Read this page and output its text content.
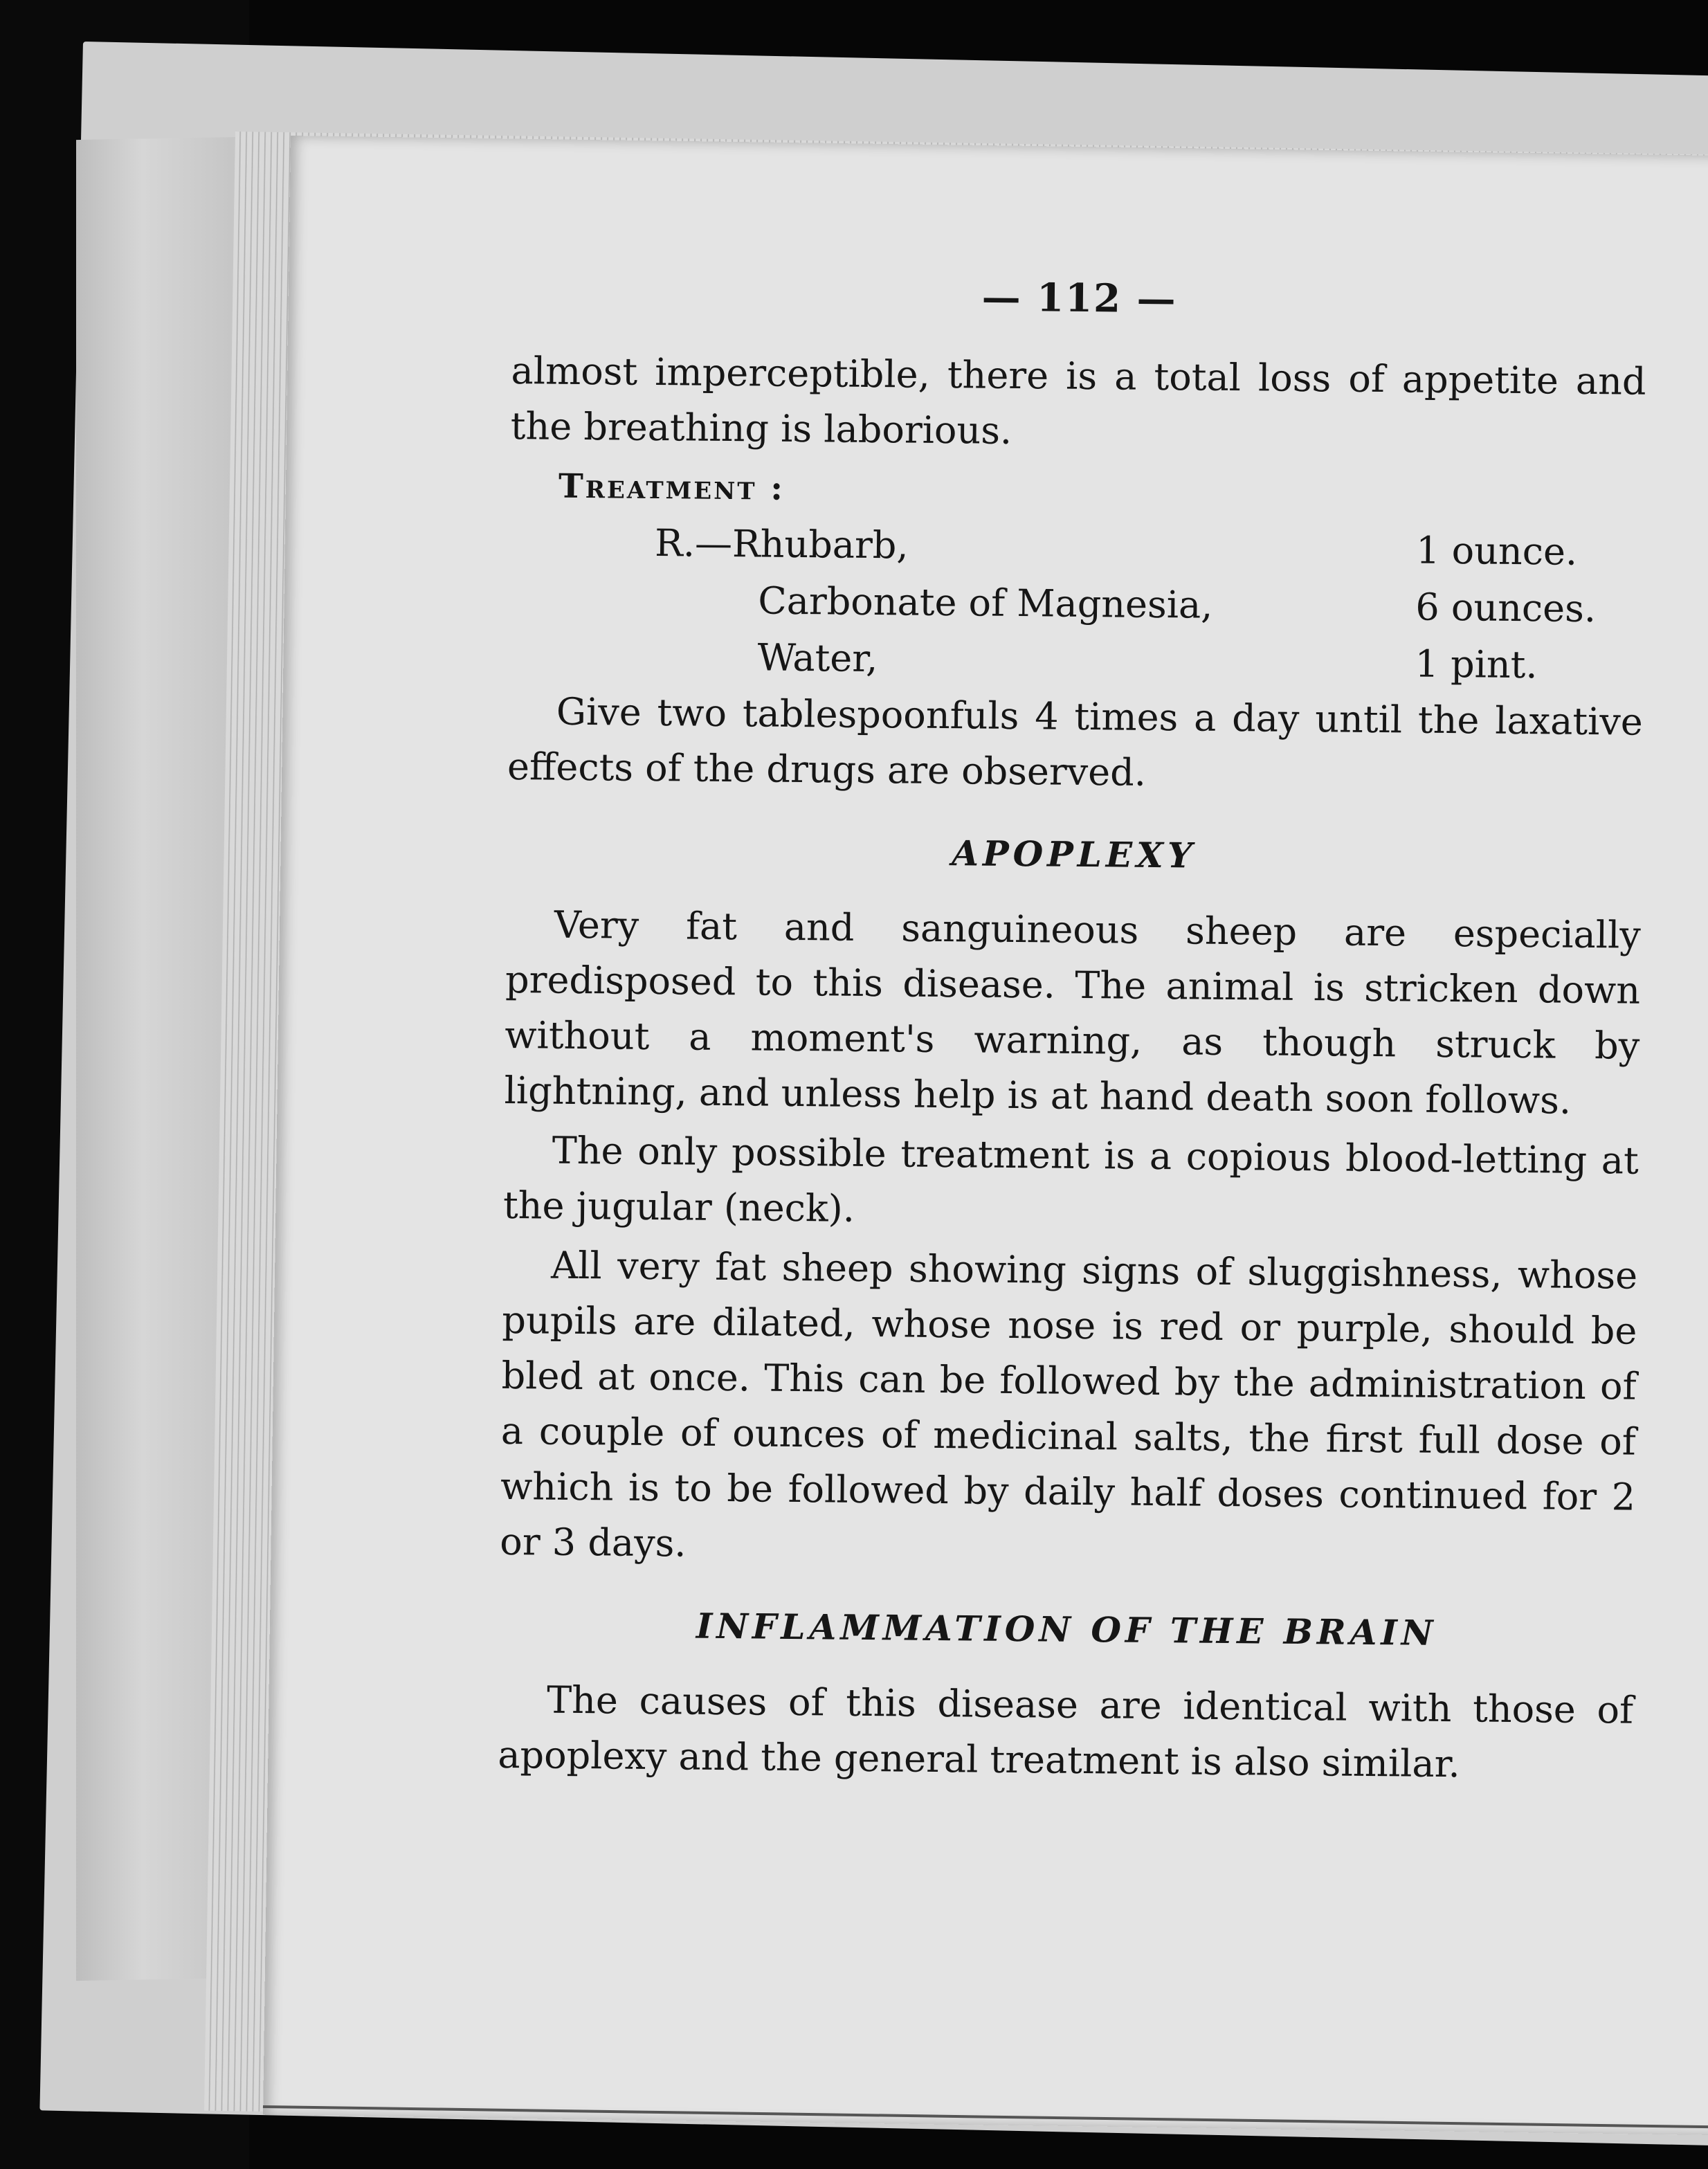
— 112 —

almost imperceptible, there is a total loss of appetite and the breathing is laborious.

Treatment :
R.—Rhubarb,	1 ounce.
Carbonate of Magnesia,	6 ounces.
Water,	1 pint.

Give two tablespoonfuls 4 times a day until the laxative effects of the drugs are observed.

APOPLEXY

Very fat and sanguineous sheep are especially predisposed to this disease. The animal is stricken down without a moment's warning, as though struck by lightning, and unless help is at hand death soon follows.

The only possible treatment is a copious blood-letting at the jugular (neck).

All very fat sheep showing signs of sluggishness, whose pupils are dilated, whose nose is red or purple, should be bled at once. This can be followed by the administration of a couple of ounces of medicinal salts, the first full dose of which is to be followed by daily half doses continued for 2 or 3 days.

INFLAMMATION OF THE BRAIN

The causes of this disease are identical with those of apoplexy and the general treatment is also similar.
